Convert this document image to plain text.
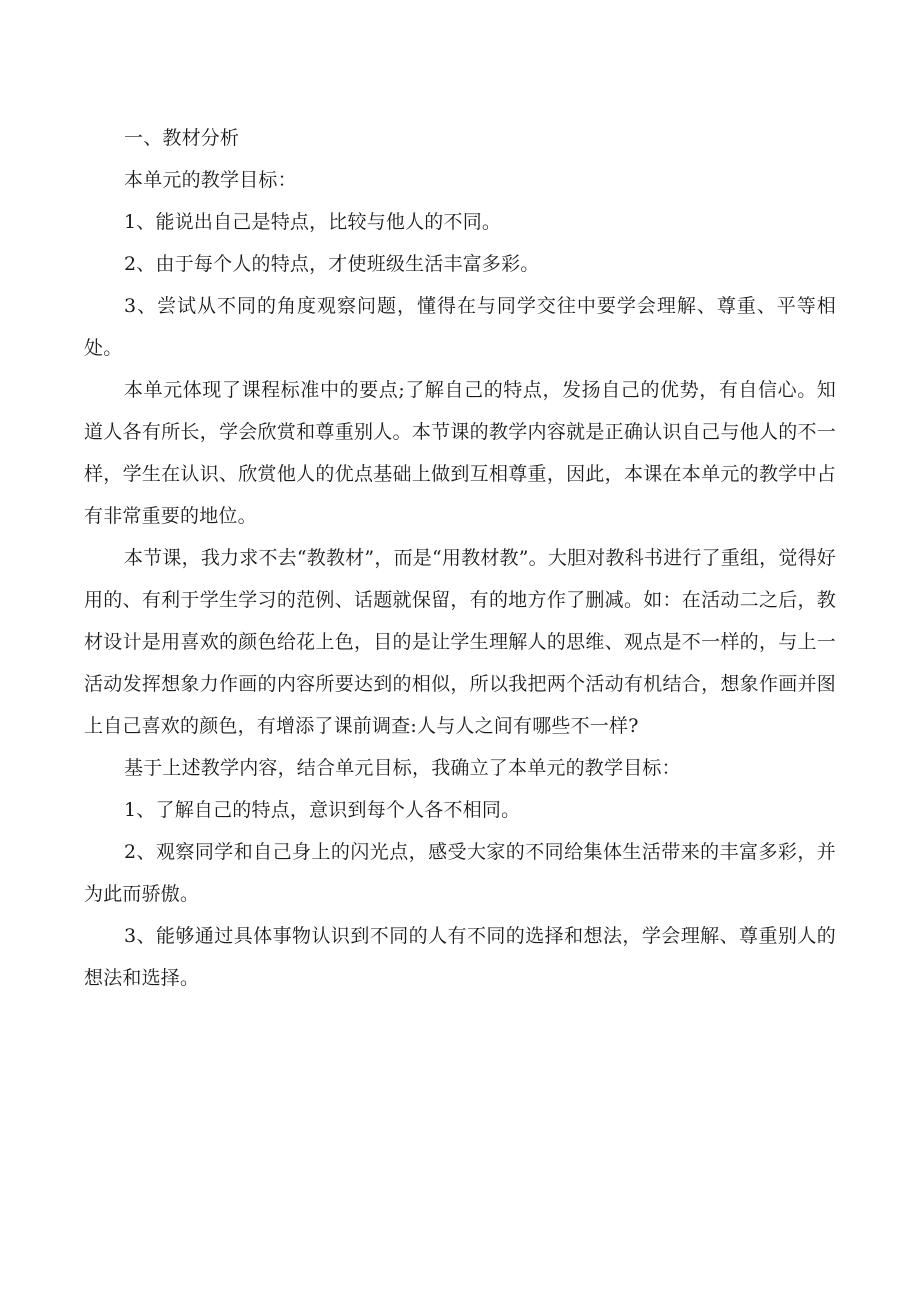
一、教材分析

本单元的教学目标：

1、能说出自己是特点，比较与他人的不同。

2、由于每个人的特点，才使班级生活丰富多彩。

3、尝试从不同的角度观察问题，懂得在与同学交往中要学会理解、尊重、平等相处。

本单元体现了课程标准中的要点;了解自己的特点，发扬自己的优势，有自信心。知道人各有所长，学会欣赏和尊重别人。本节课的教学内容就是正确认识自己与他人的不一样，学生在认识、欣赏他人的优点基础上做到互相尊重，因此，本课在本单元的教学中占有非常重要的地位。

本节课，我力求不去“教教材”，而是“用教材教”。大胆对教科书进行了重组，觉得好用的、有利于学生学习的范例、话题就保留，有的地方作了删减。如：在活动二之后，教材设计是用喜欢的颜色给花上色，目的是让学生理解人的思维、观点是不一样的，与上一活动发挥想象力作画的内容所要达到的相似，所以我把两个活动有机结合，想象作画并图上自己喜欢的颜色，有增添了课前调查:人与人之间有哪些不一样?

基于上述教学内容，结合单元目标，我确立了本单元的教学目标：

1、了解自己的特点，意识到每个人各不相同。

2、观察同学和自己身上的闪光点，感受大家的不同给集体生活带来的丰富多彩，并为此而骄傲。

3、能够通过具体事物认识到不同的人有不同的选择和想法，学会理解、尊重别人的想法和选择。
